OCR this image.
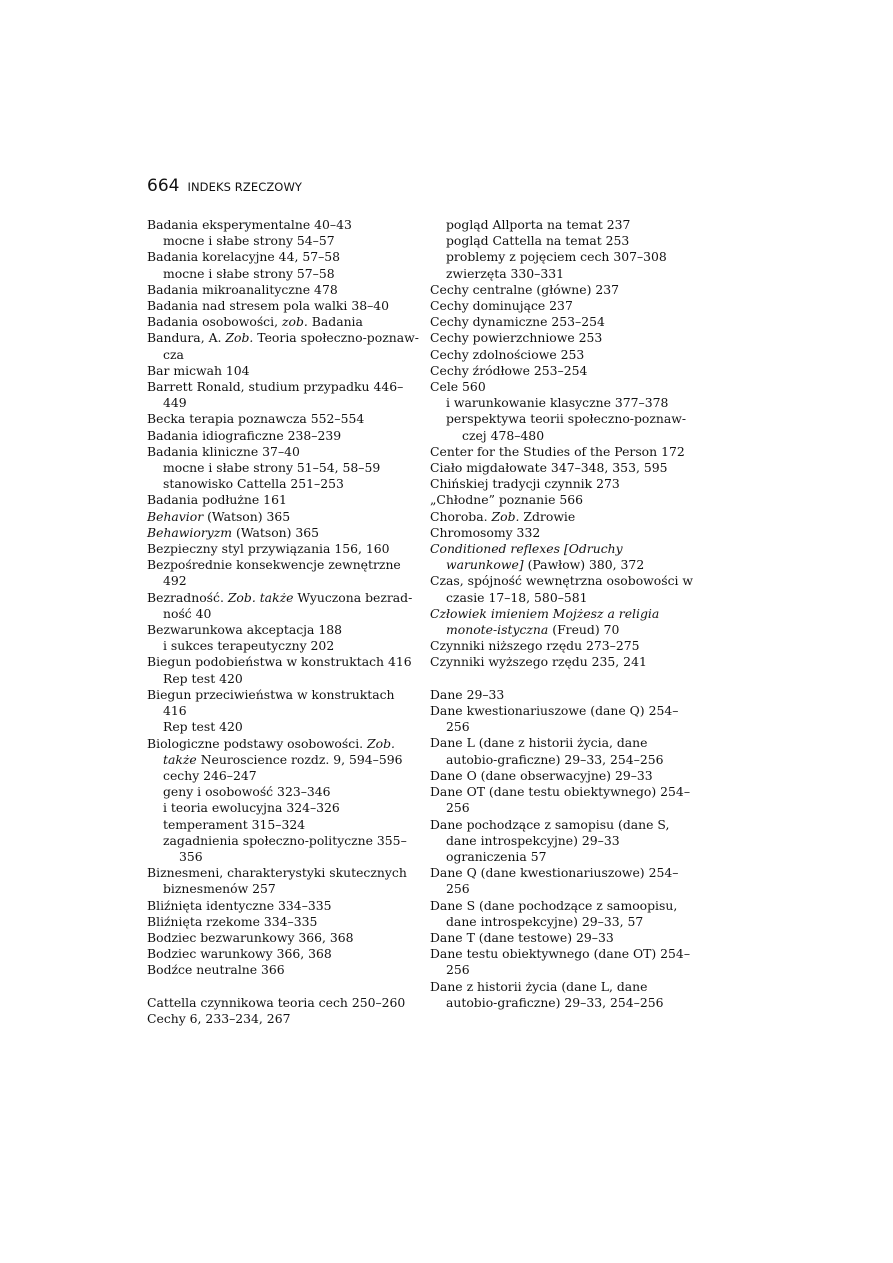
664 INDEKS RZECZOWY

Badania eksperymentalne 40–43

mocne i słabe strony 54–57

Badania korelacyjne 44, 57–58

mocne i słabe strony 57–58

Badania mikroanalityczne 478

Badania nad stresem pola walki 38–40

Badania osobowości, zob. Badania

Bandura, A. Zob. Teoria społeczno-poznaw-cza

Bar micwah 104

Barrett Ronald, studium przypadku 446–449

Becka terapia poznawcza 552–554

Badania idiograficzne 238–239

Badania kliniczne 37–40

mocne i słabe strony 51–54, 58–59

stanowisko Cattella 251–253

Badania podłużne 161

Behavior (Watson) 365

Behawioryzm (Watson) 365

Bezpieczny styl przywiązania 156, 160

Bezpośrednie konsekwencje zewnętrzne 492

Bezradność. Zob. także Wyuczona bezrad-ność 40

Bezwarunkowa akceptacja 188

i sukces terapeutyczny 202

Biegun podobieństwa w konstruktach 416

Rep test 420

Biegun przeciwieństwa w konstruktach 416

Rep test 420

Biologiczne podstawy osobowości. Zob. także Neuroscience rozdz. 9, 594–596

cechy 246–247

geny i osobowość 323–346

i teoria ewolucyjna 324–326

temperament 315–324

zagadnienia społeczno-polityczne 355–356

Biznesmeni, charakterystyki skutecznych biznesmenów 257

Bliźnięta identyczne 334–335

Bliźnięta rzekome 334–335

Bodziec bezwarunkowy 366, 368

Bodziec warunkowy 366, 368

Bodźce neutralne 366

Cattella czynnikowa teoria cech 250–260

Cechy 6, 233–234, 267

pogląd Allporta na temat 237

pogląd Cattella na temat 253

problemy z pojęciem cech 307–308

zwierzęta 330–331

Cechy centralne (główne) 237

Cechy dominujące 237

Cechy dynamiczne 253–254

Cechy powierzchniowe 253

Cechy zdolnościowe 253

Cechy źródłowe 253–254

Cele 560

i warunkowanie klasyczne 377–378

perspektywa teorii społeczno-poznaw-czej 478–480

Center for the Studies of the Person 172

Ciało migdałowate 347–348, 353, 595

Chińskiej tradycji czynnik 273

„Chłodne” poznanie 566

Choroba. Zob. Zdrowie

Chromosomy 332

Conditioned reflexes [Odruchy warunkowe] (Pawłow) 380, 372

Czas, spójność wewnętrzna osobowości w czasie 17–18, 580–581

Człowiek imieniem Mojżesz a religia monote-istyczna (Freud) 70

Czynniki niższego rzędu 273–275

Czynniki wyższego rzędu 235, 241

Dane 29–33

Dane kwestionariuszowe (dane Q) 254–256

Dane L (dane z historii życia, dane autobio-graficzne) 29–33, 254–256

Dane O (dane obserwacyjne) 29–33

Dane OT (dane testu obiektywnego) 254–256

Dane pochodzące z samopisu (dane S, dane introspekcyjne) 29–33

ograniczenia 57

Dane Q (dane kwestionariuszowe) 254–256

Dane S (dane pochodzące z samoopisu, dane introspekcyjne) 29–33, 57

Dane T (dane testowe) 29–33

Dane testu obiektywnego (dane OT) 254–256

Dane z historii życia (dane L, dane autobio-graficzne) 29–33, 254–256
